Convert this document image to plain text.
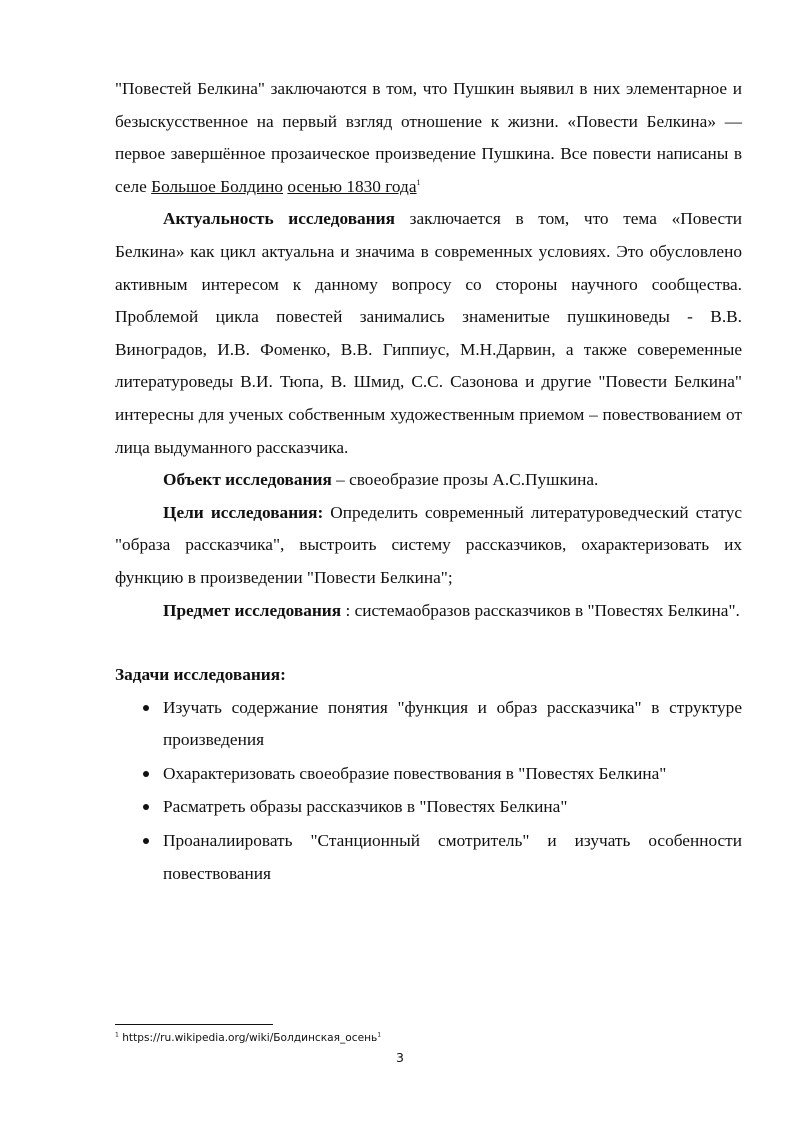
"Повестей Белкина" заключаются в том, что Пушкин выявил в них элементарное и безыскусственное на первый взгляд отношение к жизни. «Повести Белкина» — первое завершённое прозаическое произведение Пушкина. Все повести написаны в селе Большое Болдино осенью 1830 года$^1$

Актуальность исследования заключается в том, что тема «Повести Белкина» как цикл актуальна и значима в современных условиях. Это обусловлено активным интересом к данному вопросу со стороны научного сообщества. Проблемой цикла повестей занимались знаменитые пушкиноведы - В.В. Виноградов, И.В. Фоменко, В.В. Гиппиус, М.Н.Дарвин, а также совеременные литературоведы В.И. Тюпа, В. Шмид, С.С. Сазонова и другие "Повести Белкина" интересны для ученых собственным художественным приемом – повествованием от лица выдуманного рассказчика.

Объект исследования – своеобразие прозы А.С.Пушкина.

Цели исследования: Определить современный литературоведческий статус "образа рассказчика", выстроить систему рассказчиков, охарактеризовать их функцию в произведении "Повести Белкина";

Предмет исследования : системаобразов рассказчиков в "Повестях Белкина".

Задачи исследования:

Изучать содержание понятия "функция и образ рассказчика" в структуре произведения
Охарактеризовать своеобразие повествования в "Повестях Белкина"
Расматреть образы рассказчиков в "Повестях Белкина"
Проаналиировать "Станционный смотритель" и изучать особенности повествования
$^1$ https://ru.wikipedia.org/wiki/Болдинская_осень$^1$
3
